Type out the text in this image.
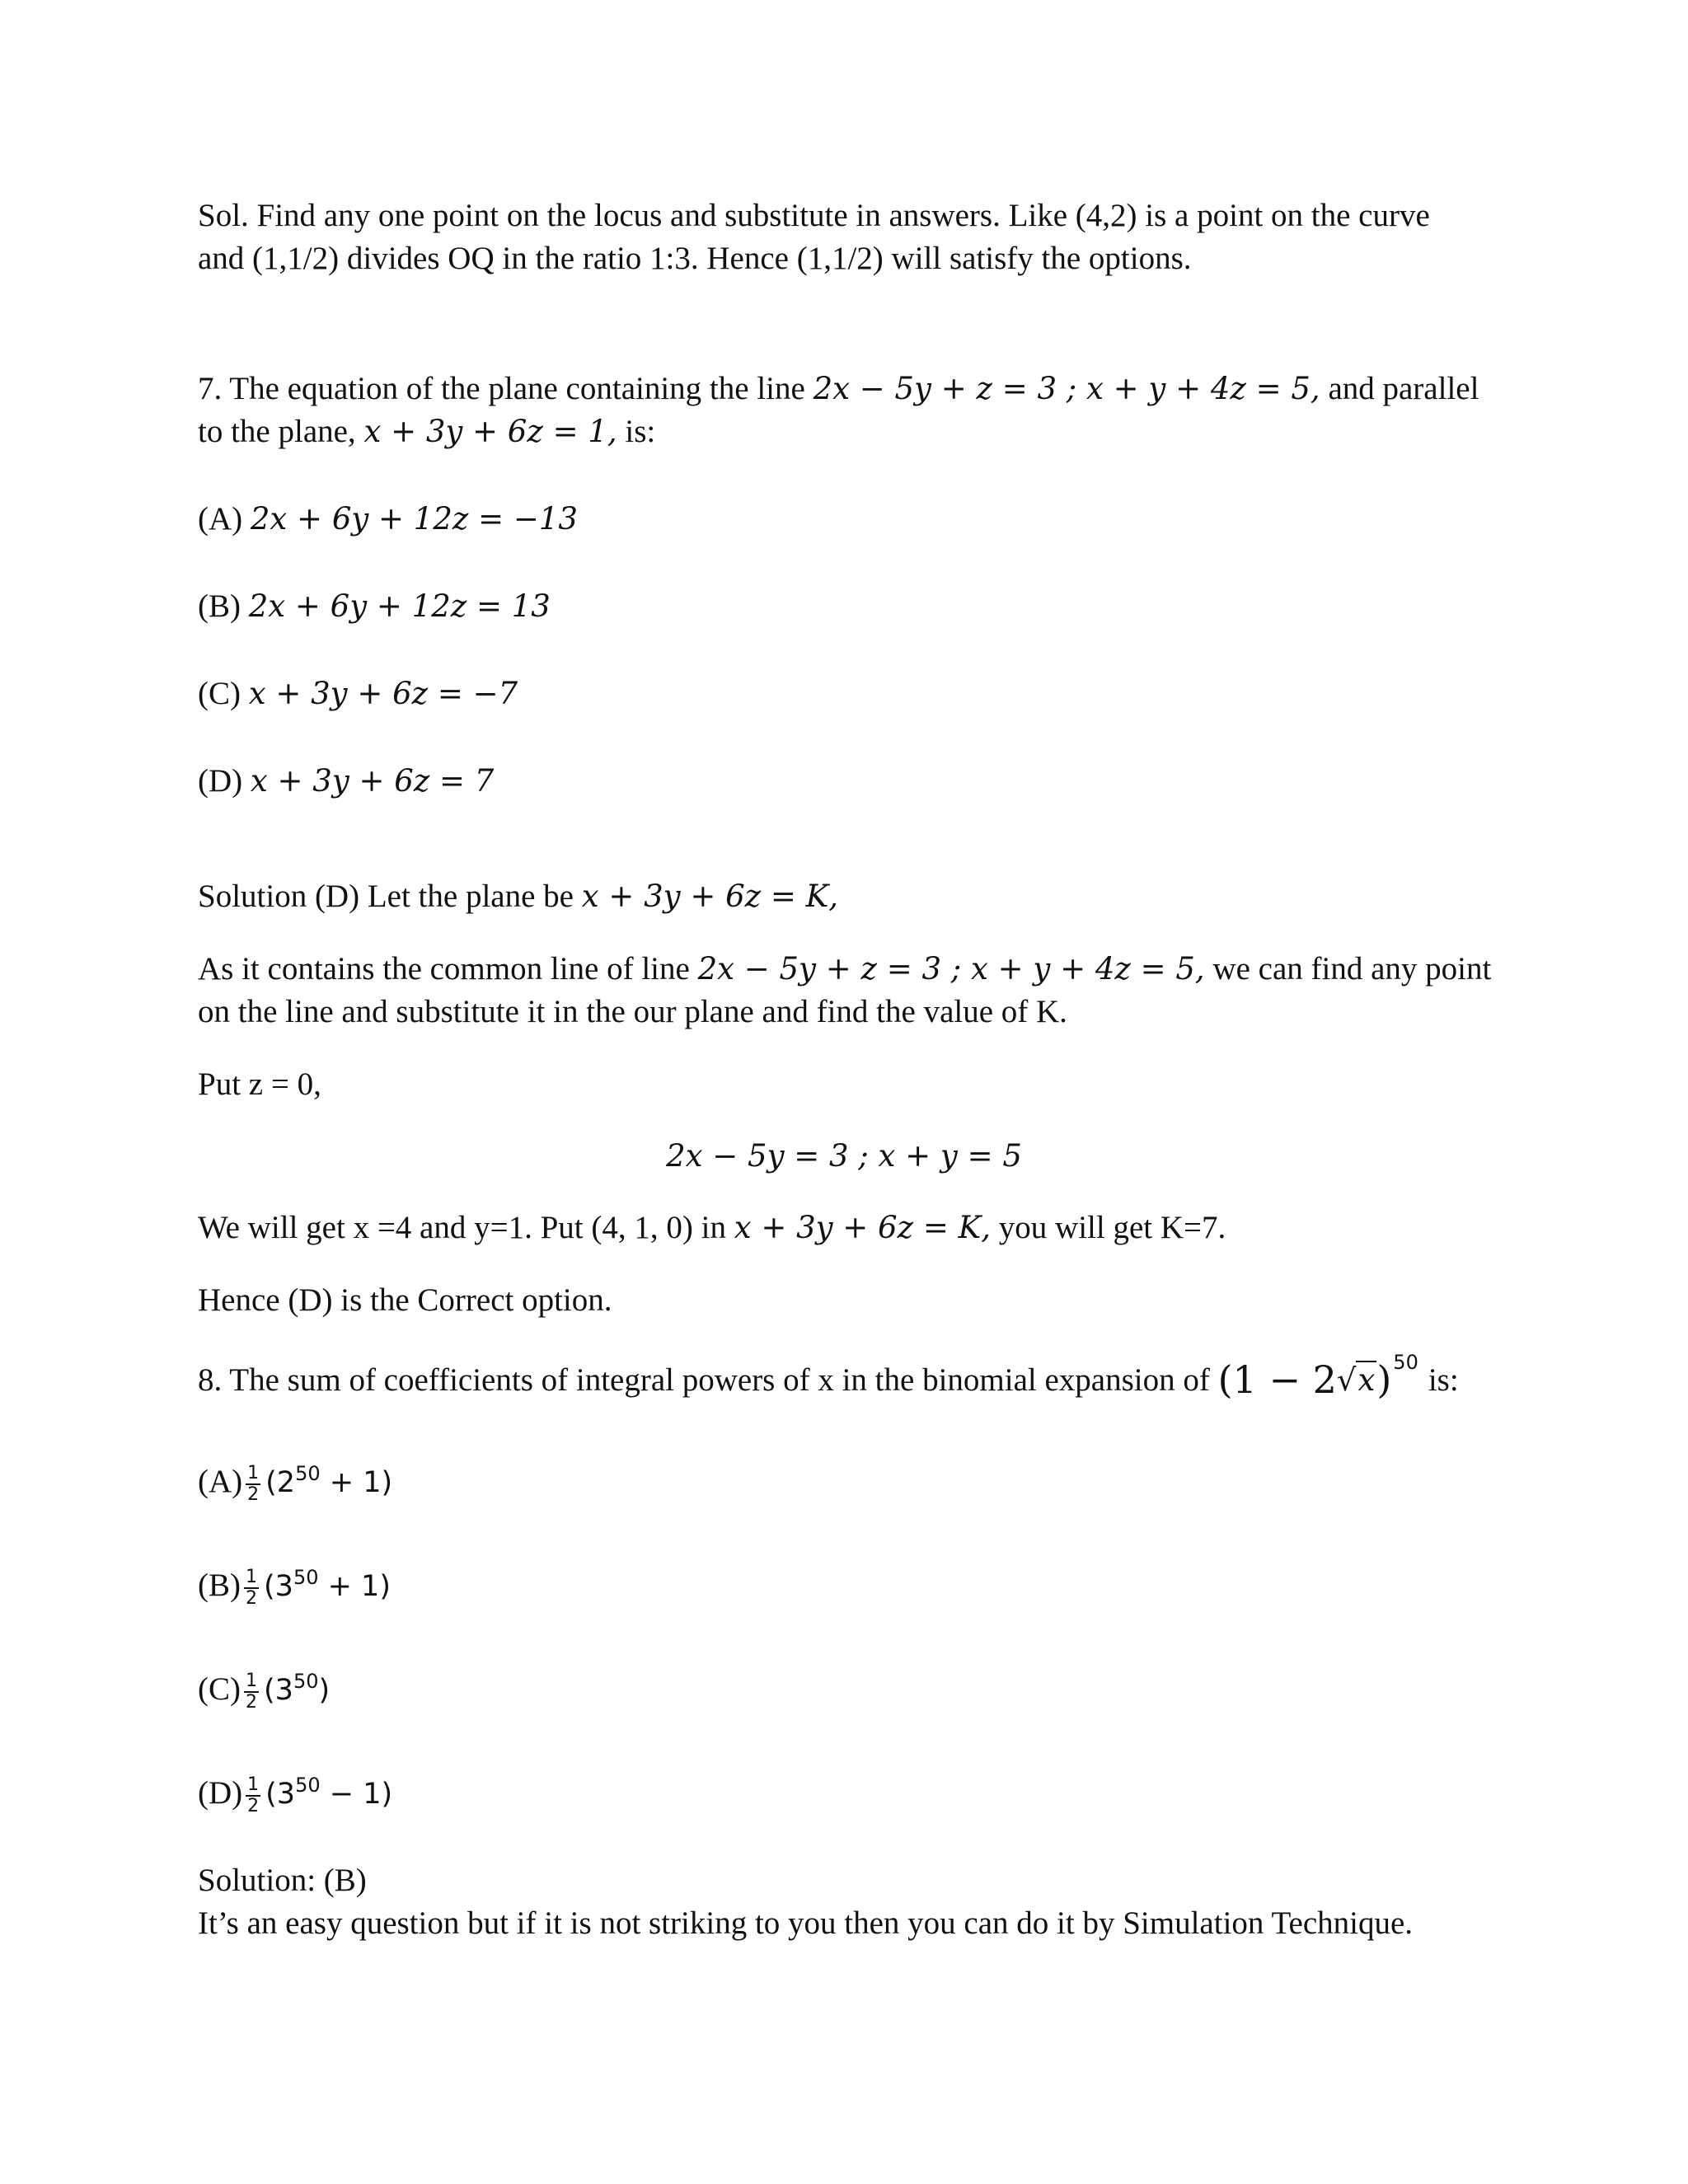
Sol. Find any one point on the locus and substitute in answers. Like (4,2) is a point on the curve
and (1,1/2) divides OQ in the ratio 1:3. Hence (1,1/2) will satisfy the options.
7. The equation of the plane containing the line 2x − 5y + z = 3 ; x + y + 4z = 5, and parallel
to the plane, x + 3y + 6z = 1, is:
(A) 2x + 6y + 12z = −13
(B) 2x + 6y + 12z = 13
(C) x + 3y + 6z = −7
(D) x + 3y + 6z = 7
Solution (D) Let the plane be x + 3y + 6z = K,
As it contains the common line of line 2x − 5y + z = 3 ; x + y + 4z = 5, we can find any point
on the line and substitute it in the our plane and find the value of K.
Put z = 0,
2x − 5y = 3 ; x + y = 5
We will get x =4 and y=1. Put (4, 1, 0) in x + 3y + 6z = K, you will get K=7.
Hence (D) is the Correct option.
8. The sum of coefficients of integral powers of x in the binomial expansion of $(1 - 2√x)^{50}$ is:
$(A) \frac{1}{2} (2^{50} + 1)$
$(B) \frac{1}{2} (3^{50} + 1)$
$(C) \frac{1}{2} (3^{50})$
$(D) \frac{1}{2} (3^{50} - 1)$
Solution: (B)
It’s an easy question but if it is not striking to you then you can do it by Simulation Technique.
